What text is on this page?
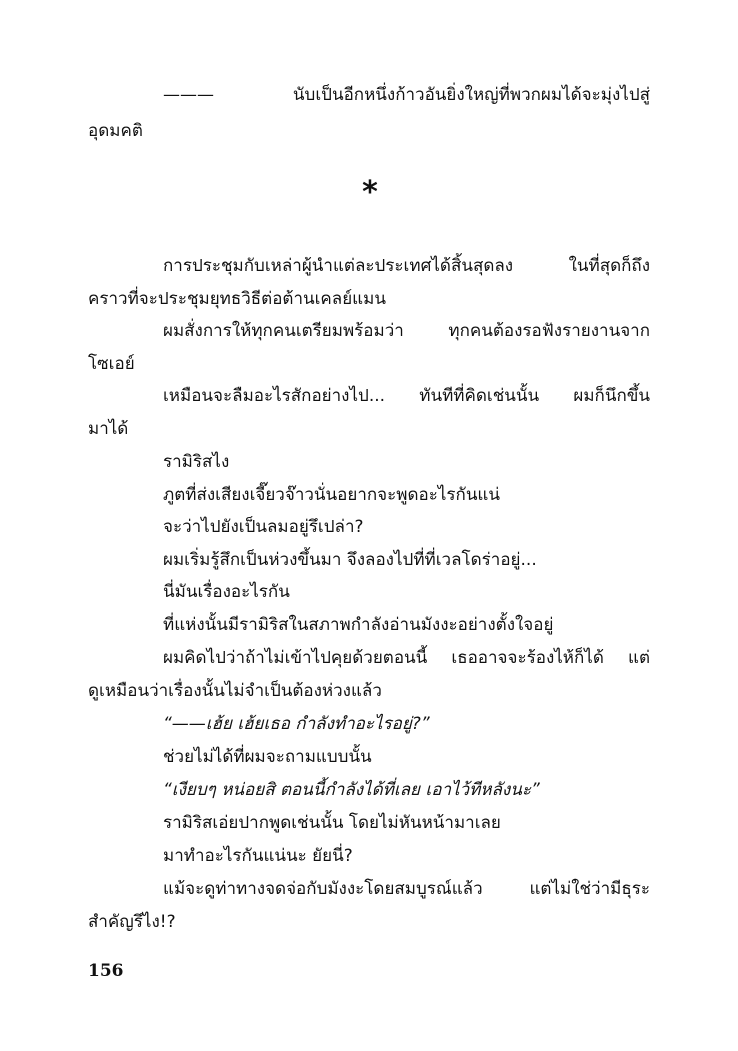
——— นับเป็นอีกหนึ่งก้าวอันยิ่งใหญ่ที่พวกผมได้จะมุ่งไปสู่
อุดมคติ
*
การประชุมกับเหล่าผู้นำแต่ละประเทศได้สิ้นสุดลง ในที่สุดก็ถึง
คราวที่จะประชุมยุทธวิธีต่อต้านเคลย์แมน
ผมสั่งการให้ทุกคนเตรียมพร้อมว่า ทุกคนต้องรอฟังรายงานจาก
โซเอย์
เหมือนจะลืมอะไรสักอย่างไป... ทันทีที่คิดเช่นนั้น ผมก็นึกขึ้น
มาได้
รามิริสไง
ภูตที่ส่งเสียงเจี๊ยวจ๊าวนั่นอยากจะพูดอะไรกันแน่
จะว่าไปยังเป็นลมอยู่รึเปล่า?
ผมเริ่มรู้สึกเป็นห่วงขึ้นมา จึงลองไปที่ที่เวลโดร่าอยู่...
นี่มันเรื่องอะไรกัน
ที่แห่งนั้นมีรามิริสในสภาพกำลังอ่านมังงะอย่างตั้งใจอยู่
ผมคิดไปว่าถ้าไม่เข้าไปคุยด้วยตอนนี้ เธออาจจะร้องไห้ก็ได้ แต่
ดูเหมือนว่าเรื่องนั้นไม่จำเป็นต้องห่วงแล้ว
“——เฮ้ย เฮ้ยเธอ กำลังทำอะไรอยู่?”
ช่วยไม่ได้ที่ผมจะถามแบบนั้น
“เงียบๆ หน่อยสิ ตอนนี้กำลังได้ที่เลย เอาไว้ทีหลังนะ”
รามิริสเอ่ยปากพูดเช่นนั้น โดยไม่หันหน้ามาเลย
มาทำอะไรกันแน่นะ ยัยนี่?
แม้จะดูท่าทางจดจ่อกับมังงะโดยสมบูรณ์แล้ว แต่ไม่ใช่ว่ามีธุระ
สำคัญรึไง!?
156
